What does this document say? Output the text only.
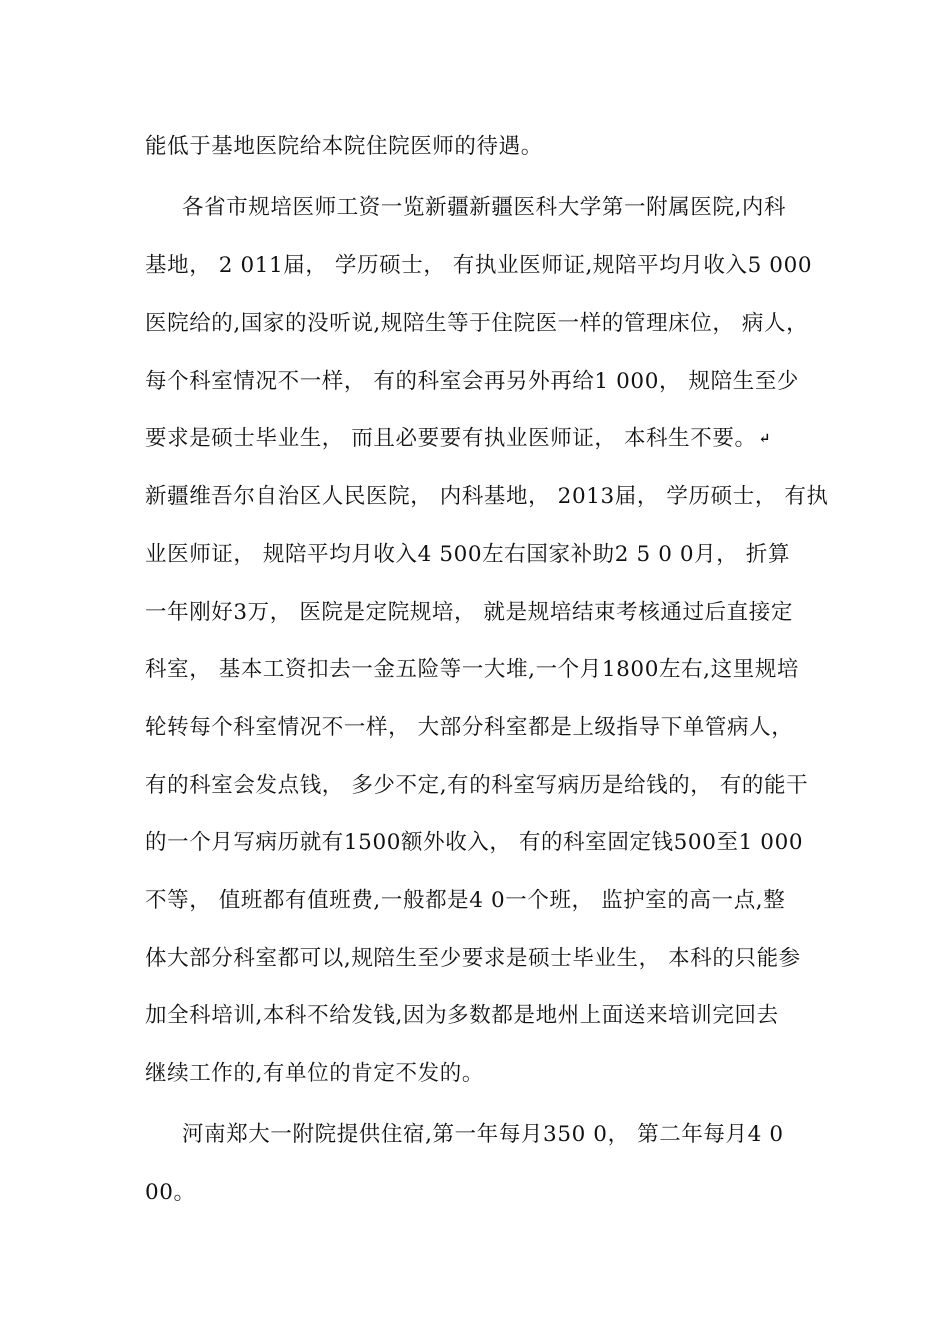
能低于基地医院给本院住院医师的待遇。
各省市规培医师工资一览新疆新疆医科大学第一附属医院,内科
基地， 2 011届， 学历硕士， 有执业医师证,规陪平均月收入5 000
医院给的,国家的没听说,规陪生等于住院医一样的管理床位， 病人，
每个科室情况不一样， 有的科室会再另外再给1 000， 规陪生至少
要求是硕士毕业生， 而且必要要有执业医师证， 本科生不要。 ↵
新疆维吾尔自治区人民医院， 内科基地， 2013届， 学历硕士， 有执
业医师证， 规陪平均月收入4 500左右国家补助2 5 0 0月， 折算
一年刚好3万， 医院是定院规培， 就是规培结束考核通过后直接定
科室， 基本工资扣去一金五险等一大堆,一个月1800左右,这里规培
轮转每个科室情况不一样， 大部分科室都是上级指导下单管病人，
有的科室会发点钱， 多少不定,有的科室写病历是给钱的， 有的能干
的一个月写病历就有1500额外收入， 有的科室固定钱500至1 000
不等， 值班都有值班费,一般都是4 0一个班， 监护室的高一点,整
体大部分科室都可以,规陪生至少要求是硕士毕业生， 本科的只能参
加全科培训,本科不给发钱,因为多数都是地州上面送来培训完回去
继续工作的,有单位的肯定不发的。
河南郑大一附院提供住宿,第一年每月350 0， 第二年每月4 0
00。
